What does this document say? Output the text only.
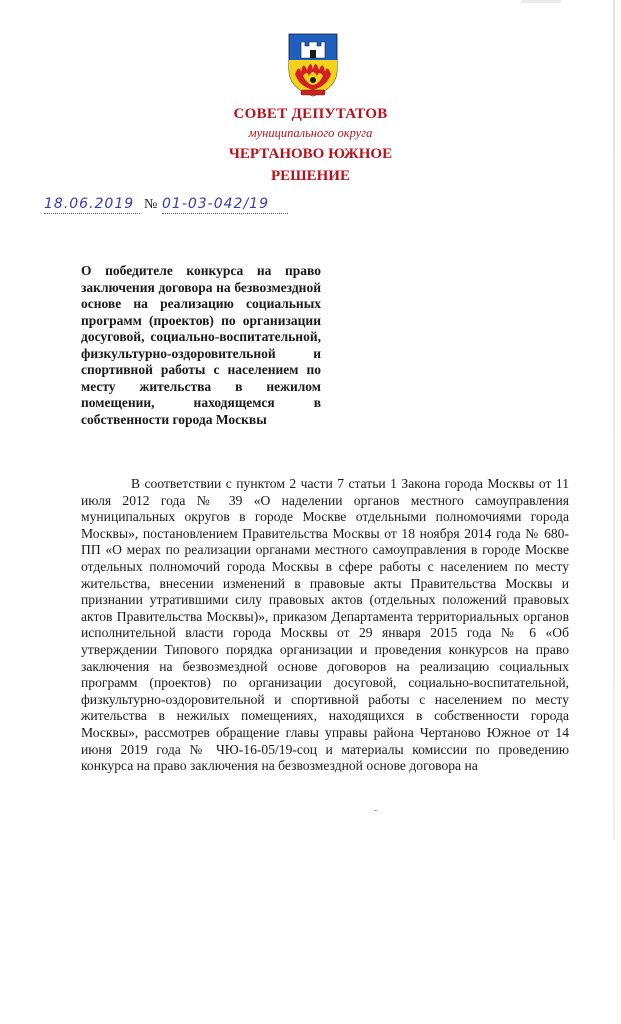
СОВЕТ ДЕПУТАТОВ
муниципального округа
ЧЕРТАНОВО ЮЖНОЕ
РЕШЕНИЕ
18.06.2019 № 01-03-042/19
О победителе конкурса на право заключения договора на безвозмездной основе на реализацию социальных программ (проектов) по организации досуговой, социально-воспитательной, физкультурно-оздоровительной и спортивной работы с населением по месту жительства в нежилом помещении, находящемся в собственности города Москвы
В соответствии с пунктом 2 части 7 статьи 1 Закона города Москвы от 11 июля 2012 года № 39 «О наделении органов местного самоуправления муниципальных округов в городе Москве отдельными полномочиями города Москвы», постановлением Правительства Москвы от 18 ноября 2014 года № 680-ПП «О мерах по реализации органами местного самоуправления в городе Москве отдельных полномочий города Москвы в сфере работы с населением по месту жительства, внесении изменений в правовые акты Правительства Москвы и признании утратившими силу правовых актов (отдельных положений правовых актов Правительства Москвы)», приказом Департамента территориальных органов исполнительной власти города Москвы от 29 января 2015 года № 6 «Об утверждении Типового порядка организации и проведения конкурсов на право заключения на безвозмездной основе договоров на реализацию социальных программ (проектов) по организации досуговой, социально-воспитательной, физкультурно-оздоровительной и спортивной работы с населением по месту жительства в нежилых помещениях, находящихся в собственности города Москвы», рассмотрев обращение главы управы района Чертаново Южное от 14 июня 2019 года № ЧЮ-16-05/19-соц и материалы комиссии по проведению конкурса на право заключения на безвозмездной основе договора на
